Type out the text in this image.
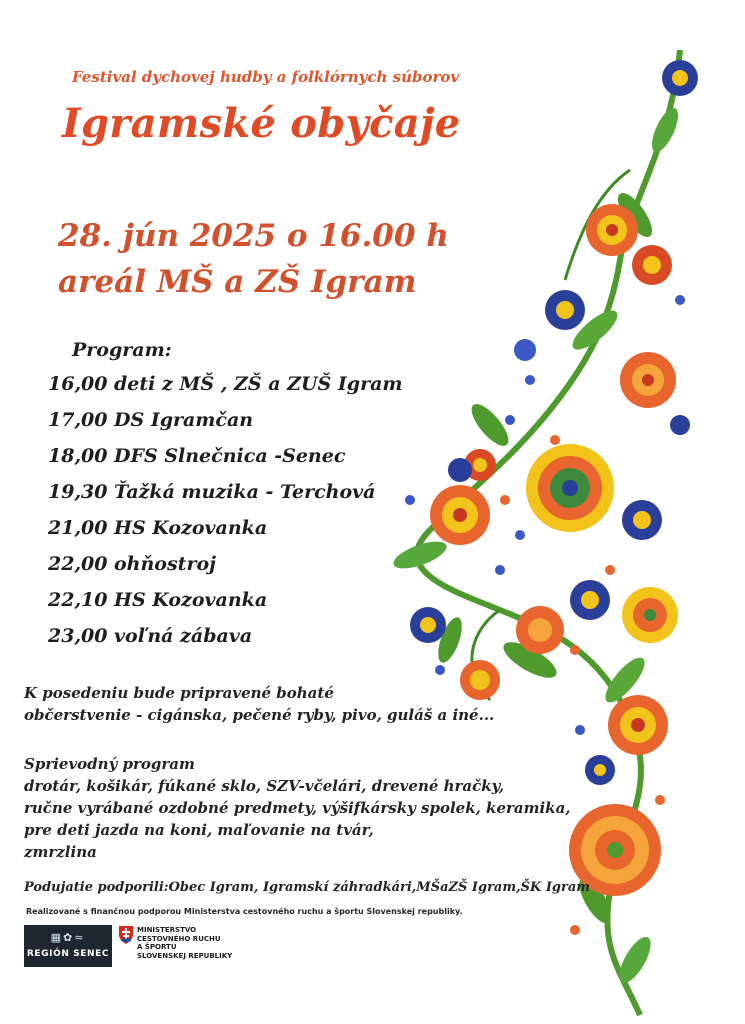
Festival dychovej hudby a folklórnych súborov
Igramské obyčaje
28. jún 2025 o 16.00 h
areál MŠ a ZŠ Igram
Program:
16,00 deti z MŠ , ZŠ a ZUŠ Igram
17,00 DS Igramčan
18,00 DFS Slnečnica -Senec
19,30 Ťažká muzika - Terchová
21,00 HS Kozovanka
22,00 ohňostroj
22,10 HS Kozovanka
23,00 voľná zábava
K posedeniu bude pripravené bohaté
občerstvenie - cigánska, pečené ryby, pivo, guláš a iné...
Sprievodný program
drotár, košikár, fúkané sklo, SZV-včelári, drevené hračky,
ručne vyrábané ozdobné predmety, výšifkársky spolek, keramika,
pre deti jazda na koni, maľovanie na tvár,
zmrzlina
Podujatie podporili:Obec Igram, Igramskí záhradkári,MŠaZŠ Igram,ŠK Igram
Realizované s finančnou podporou Ministerstva cestovného ruchu a športu Slovenskej republiky.
▦✿≈
REGIÓN SENEC
MINISTERSTVO
CESTOVNÉHO RUCHU
A ŠPORTU
SLOVENSKEJ REPUBLIKY
